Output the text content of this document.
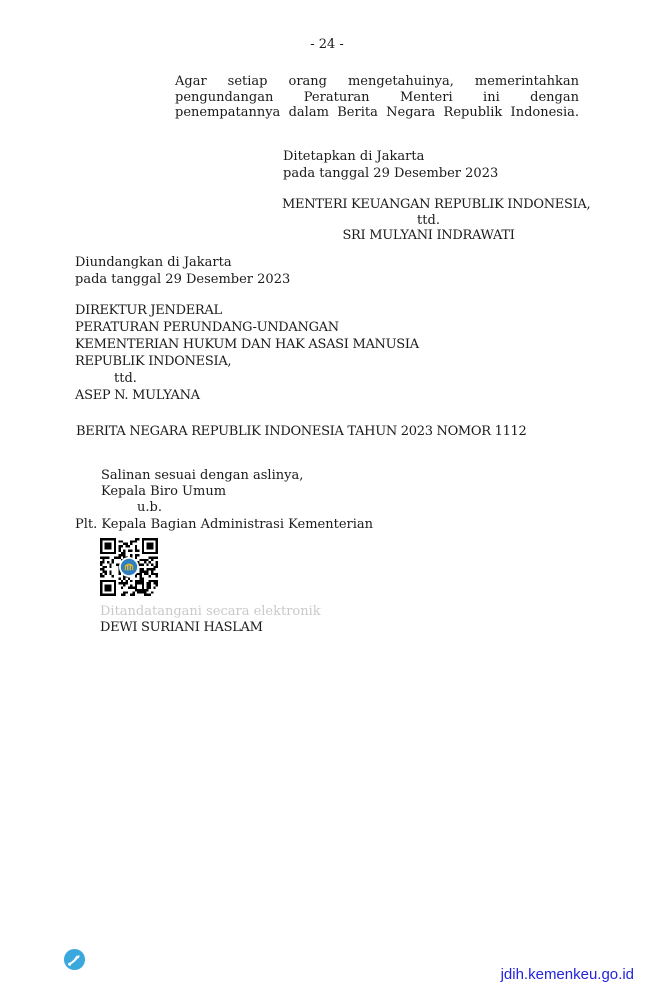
- 24 -
Agar setiap orang mengetahuinya, memerintahkan pengundangan Peraturan Menteri ini dengan penempatannya dalam Berita Negara Republik Indonesia.
Ditetapkan di Jakarta
pada tanggal 29 Desember 2023
MENTERI KEUANGAN REPUBLIK INDONESIA,
ttd.
SRI MULYANI INDRAWATI
Diundangkan di Jakarta
pada tanggal 29 Desember 2023
DIREKTUR JENDERAL
PERATURAN PERUNDANG-UNDANGAN
KEMENTERIAN HUKUM DAN HAK ASASI MANUSIA
REPUBLIK INDONESIA,
ttd.
ASEP N. MULYANA
BERITA NEGARA REPUBLIK INDONESIA TAHUN 2023 NOMOR 1112
Salinan sesuai dengan aslinya,
Kepala Biro Umum
u.b.
Plt. Kepala Bagian Administrasi Kementerian
Ditandatangani secara elektronik
DEWI SURIANI HASLAM
jdih.kemenkeu.go.id
